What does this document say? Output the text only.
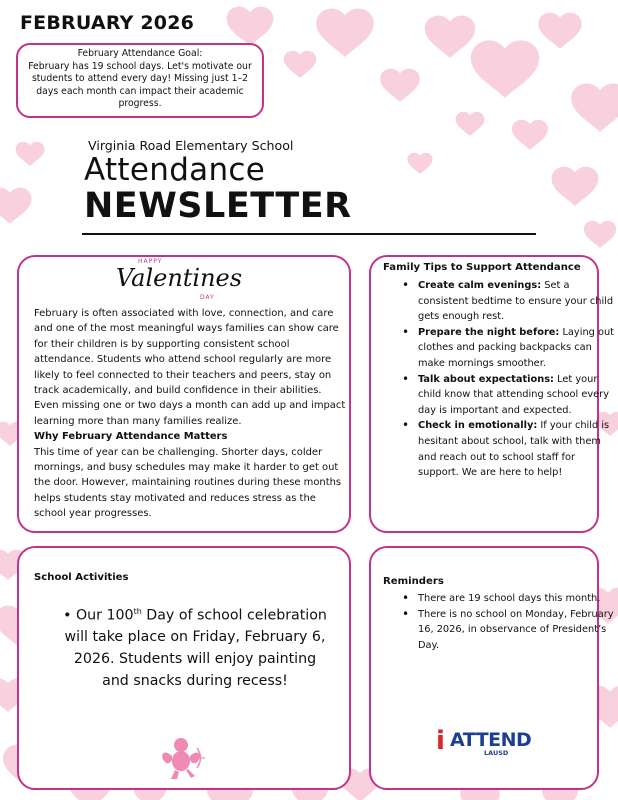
FEBRUARY 2026
February Attendance Goal:
February has 19 school days. Let's motivate our students to attend every day! Missing just 1–2 days each month can impact their academic progress.
Virginia Road Elementary School
Attendance
NEWSLETTER
HAPPY
Valentines
DAY

February is often associated with love, connection, and care and one of the most meaningful ways families can show care for their children is by supporting consistent school attendance. Students who attend school regularly are more likely to feel connected to their teachers and peers, stay on track academically, and build confidence in their abilities. Even missing one or two days a month can add up and impact learning more than many families realize.

Why February Attendance Matters

This time of year can be challenging. Shorter days, colder mornings, and busy schedules may make it harder to get out the door. However, maintaining routines during these months helps students stay motivated and reduces stress as the school year progresses.

Family Tips to Support Attendance
• Create calm evenings: Set a consistent bedtime to ensure your child gets enough rest.
• Prepare the night before: Laying out clothes and packing backpacks can make mornings smoother.
• Talk about expectations: Let your child know that attending school every day is important and expected.
• Check in emotionally: If your child is hesitant about school, talk with them and reach out to school staff for support. We are here to help!
School Activities
• Our 100th Day of school celebration will take place on Friday, February 6, 2026. Students will enjoy painting and snacks during recess!
Reminders
• There are 19 school days this month.
• There is no school on Monday, February 16, 2026, in observance of President’s Day.
i ATTEND
LAUSD
